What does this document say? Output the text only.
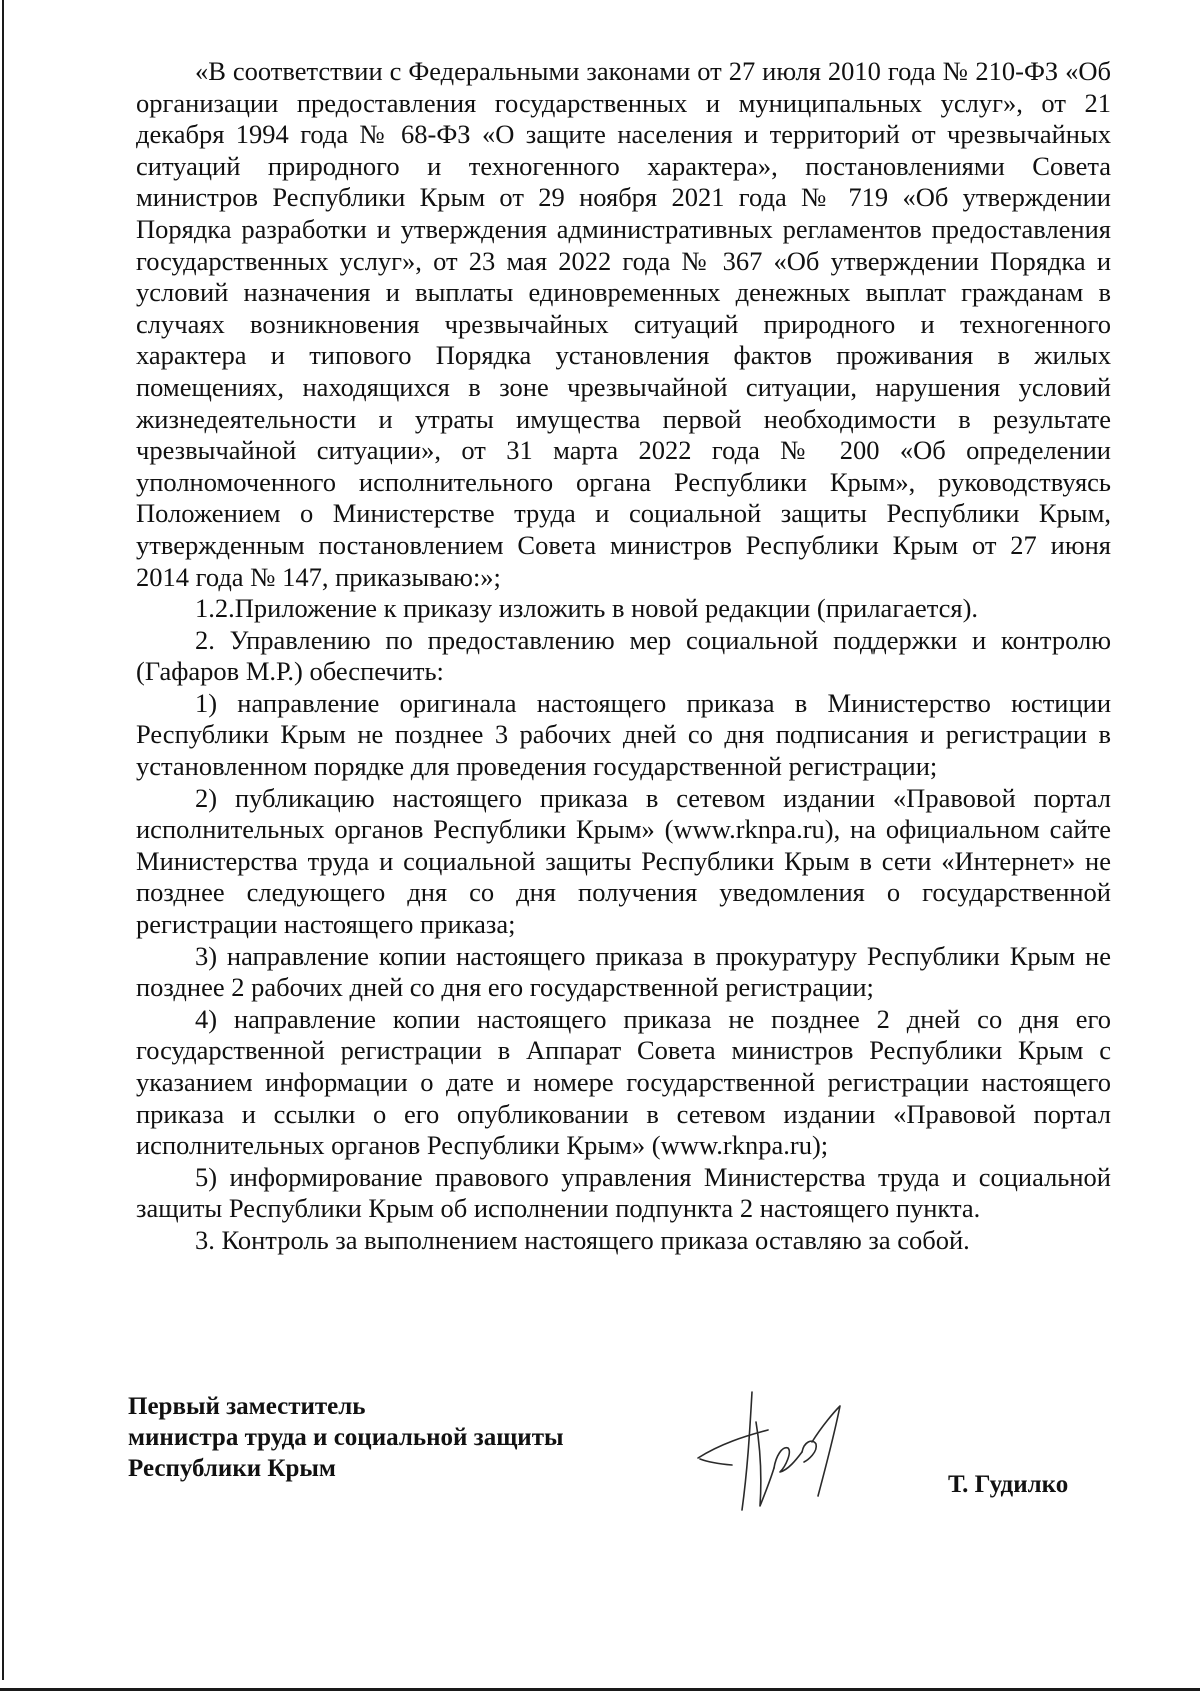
«В соответствии с Федеральными законами от 27 июля 2010 года № 210-ФЗ «Об организации предоставления государственных и муниципальных услуг», от 21 декабря 1994 года № 68-ФЗ «О защите населения и территорий от чрезвычайных ситуаций природного и техногенного характера», постановлениями Совета министров Республики Крым от 29 ноября 2021 года № 719 «Об утверждении Порядка разработки и утверждения административных регламентов предоставления государственных услуг», от 23 мая 2022 года № 367 «Об утверждении Порядка и условий назначения и выплаты единовременных денежных выплат гражданам в случаях возникновения чрезвычайных ситуаций природного и техногенного характера и типового Порядка установления фактов проживания в жилых помещениях, находящихся в зоне чрезвычайной ситуации, нарушения условий жизнедеятельности и утраты имущества первой необходимости в результате чрезвычайной ситуации», от 31 марта 2022 года № 200 «Об определении уполномоченного исполнительного органа Республики Крым», руководствуясь Положением о Министерстве труда и социальной защиты Республики Крым, утвержденным постановлением Совета министров Республики Крым от 27 июня 2014 года № 147, приказываю:»;

1.2.Приложение к приказу изложить в новой редакции (прилагается).

2. Управлению по предоставлению мер социальной поддержки и контролю (Гафаров М.Р.) обеспечить:

1) направление оригинала настоящего приказа в Министерство юстиции Республики Крым не позднее 3 рабочих дней со дня подписания и регистрации в установленном порядке для проведения государственной регистрации;

2) публикацию настоящего приказа в сетевом издании «Правовой портал исполнительных органов Республики Крым» (www.rknpa.ru), на официальном сайте Министерства труда и социальной защиты Республики Крым в сети «Интернет» не позднее следующего дня со дня получения уведомления о государственной регистрации настоящего приказа;

3) направление копии настоящего приказа в прокуратуру Республики Крым не позднее 2 рабочих дней со дня его государственной регистрации;

4) направление копии настоящего приказа не позднее 2 дней со дня его государственной регистрации в Аппарат Совета министров Республики Крым с указанием информации о дате и номере государственной регистрации настоящего приказа и ссылки о его опубликовании в сетевом издании «Правовой портал исполнительных органов Республики Крым» (www.rknpa.ru);

5) информирование правового управления Министерства труда и социальной защиты Республики Крым об исполнении подпункта 2 настоящего пункта.

3. Контроль за выполнением настоящего приказа оставляю за собой.

Первый заместитель
министра труда и социальной защиты
Республики Крым
Т. Гудилко
